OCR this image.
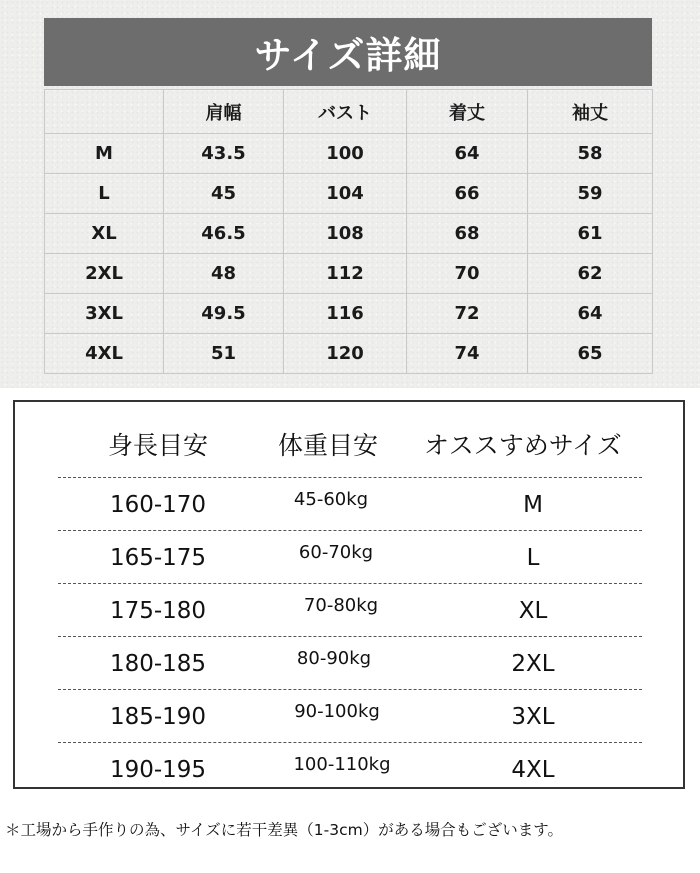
サイズ詳細
	肩幅	バスト	着丈	袖丈
M	43.5	100	64	58
L	45	104	66	59
XL	46.5	108	68	61
2XL	48	112	70	62
3XL	49.5	116	72	64
4XL	51	120	74	65
身長目安	体重目安 オススすめサイズ
160-170	45-60kg	M
165-175	60-70kg	L
175-180	70-80kg	XL
180-185	80-90kg	2XL
185-190	90-100kg	3XL
190-195	100-110kg	4XL
＊工場から手作りの為、サイズに若干差異（1-3cm）がある場合もございます。
